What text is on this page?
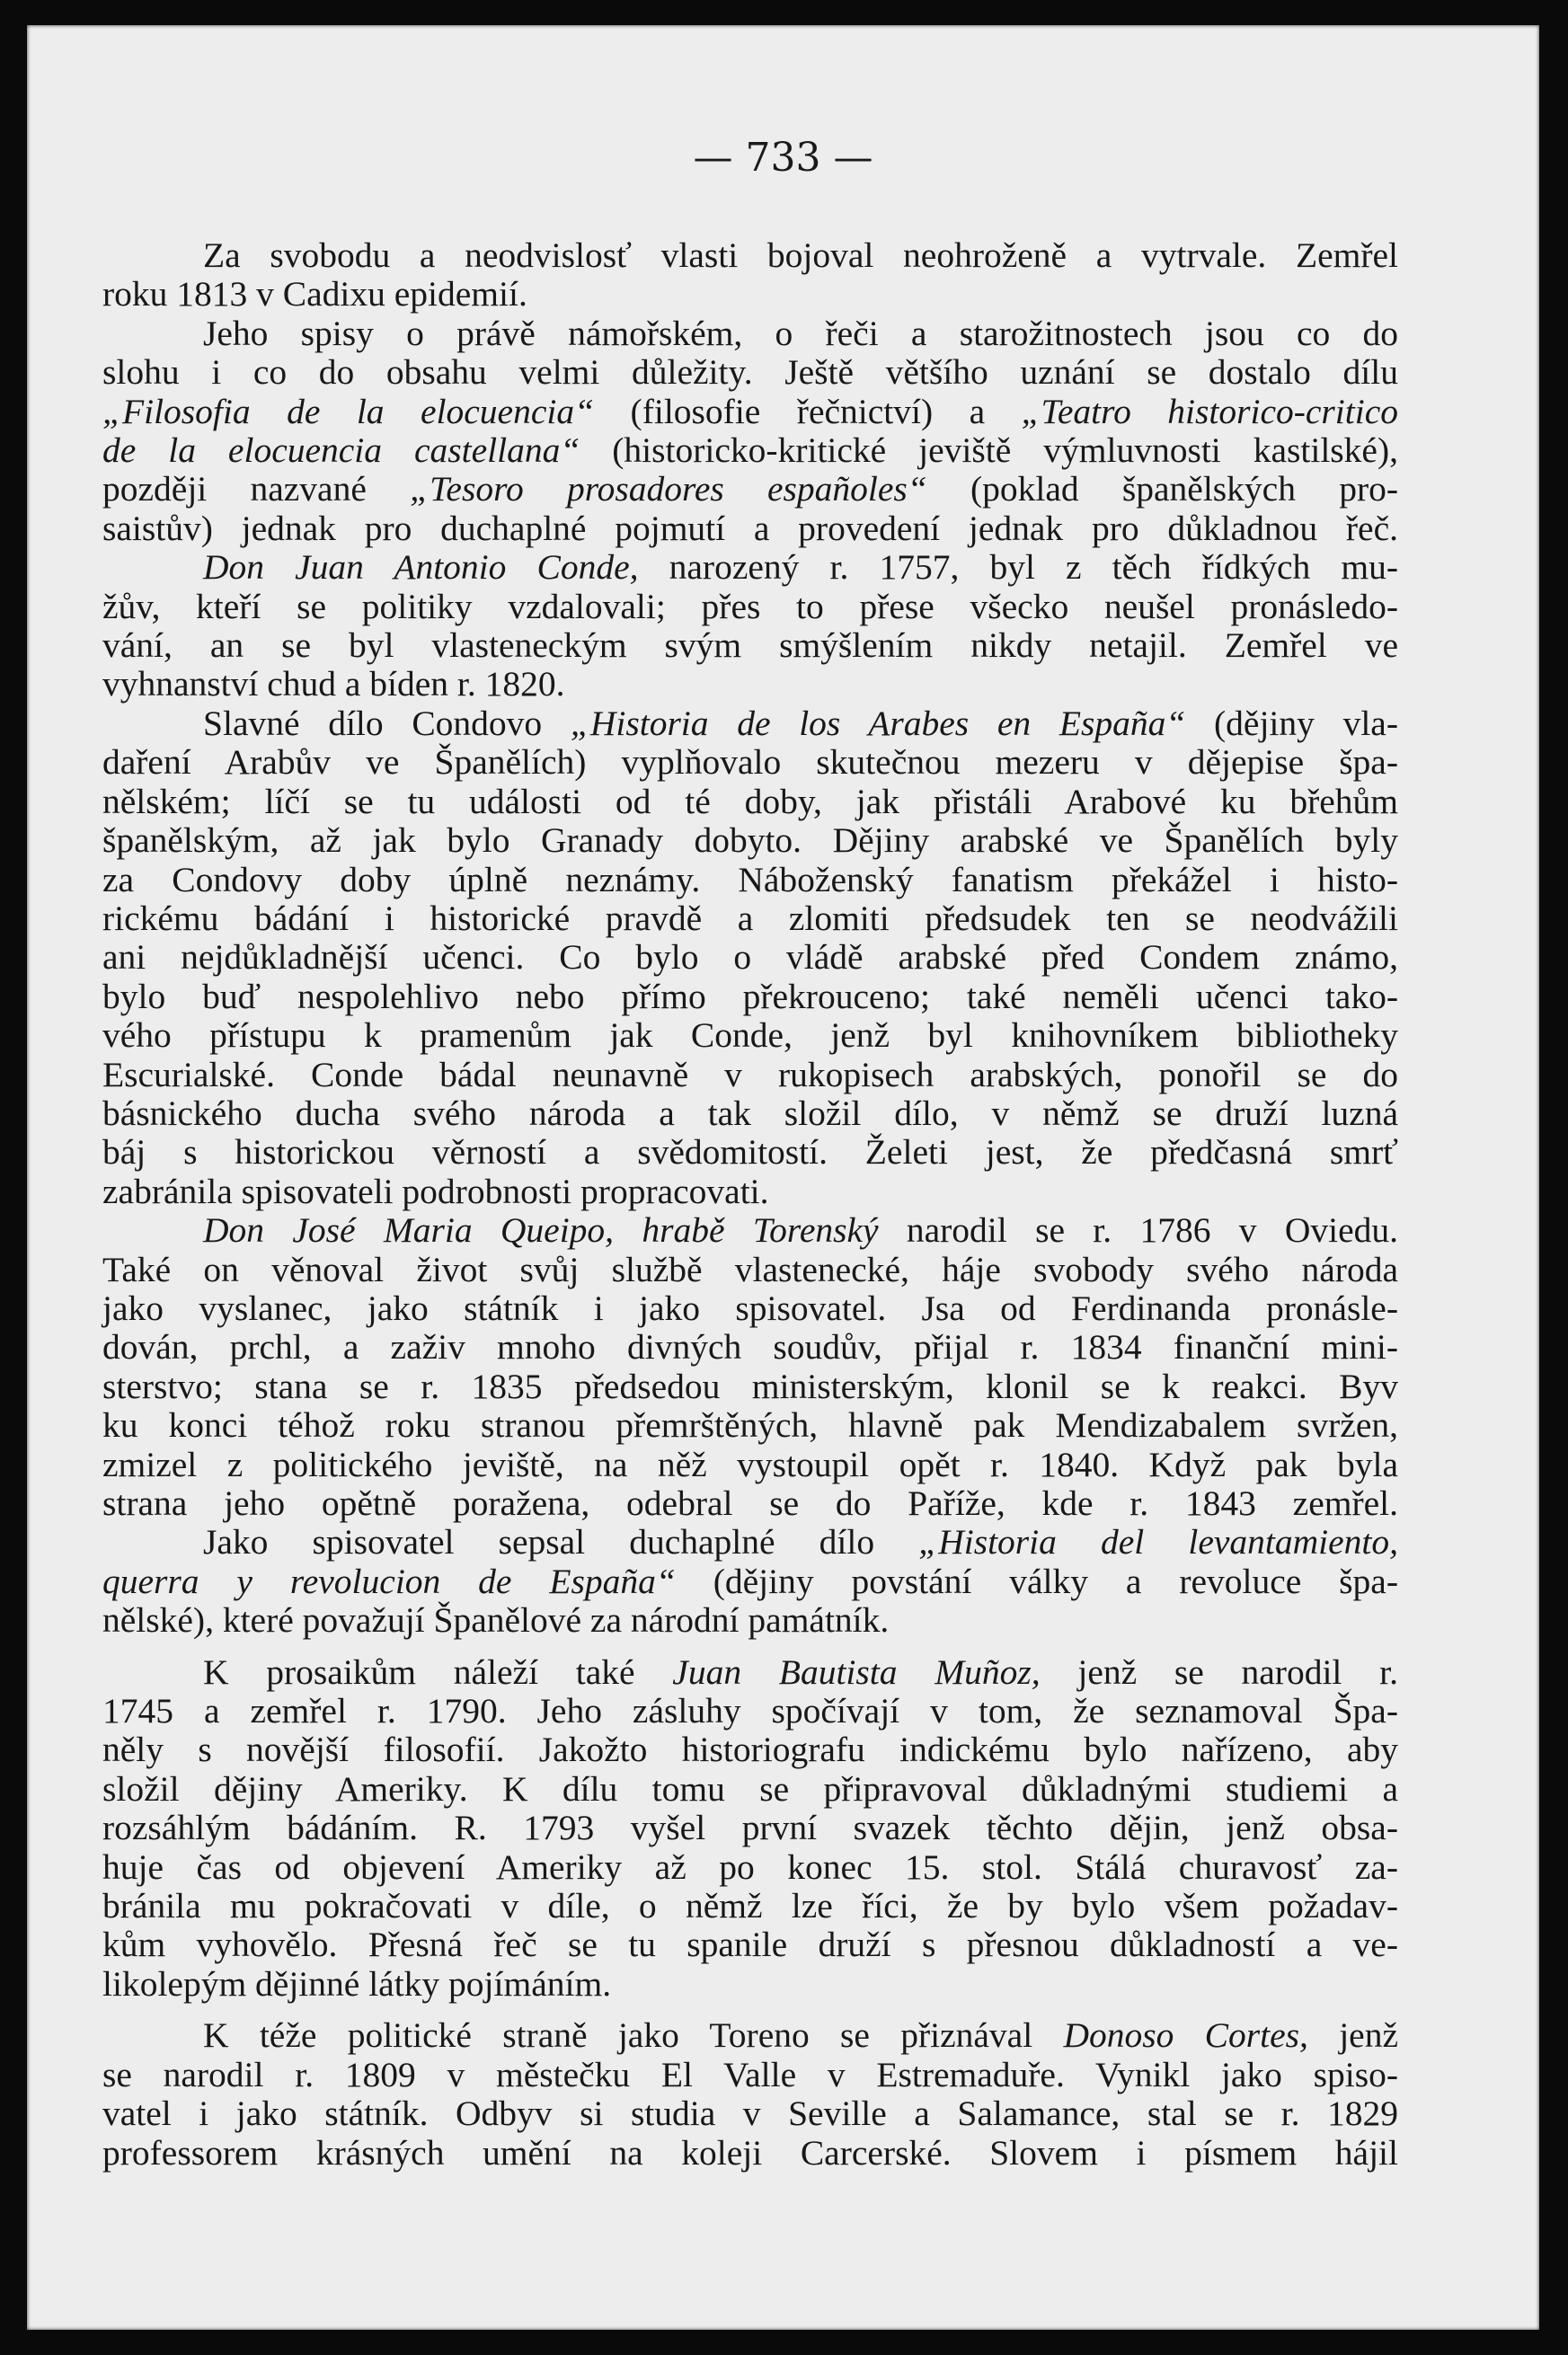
— 733 —
Za svobodu a neodvislosť vlasti bojoval neohroženě a vytrvale. Zemřel
roku 1813 v Cadixu epidemií.
Jeho spisy o právě námořském, o řeči a starožitnostech jsou co do
slohu i co do obsahu velmi důležity. Ještě většího uznání se dostalo dílu
„Filosofia de la elocuencia“ (filosofie řečnictví) a „Teatro historico-critico
de la elocuencia castellana“ (historicko-kritické jeviště výmluvnosti kastilské),
později nazvané „Tesoro prosadores españoles“ (poklad španělských pro-
saistův) jednak pro duchaplné pojmutí a provedení jednak pro důkladnou řeč.
Don Juan Antonio Conde, narozený r. 1757, byl z těch řídkých mu-
žův, kteří se politiky vzdalovali; přes to přese všecko neušel pronásledo-
vání, an se byl vlasteneckým svým smýšlením nikdy netajil. Zemřel ve
vyhnanství chud a bíden r. 1820.
Slavné dílo Condovo „Historia de los Arabes en España“ (dějiny vla-
daření Arabův ve Španělích) vyplňovalo skutečnou mezeru v dějepise špa-
nělském; líčí se tu události od té doby, jak přistáli Arabové ku břehům
španělským, až jak bylo Granady dobyto. Dějiny arabské ve Španělích byly
za Condovy doby úplně neznámy. Náboženský fanatism překážel i histo-
rickému bádání i historické pravdě a zlomiti předsudek ten se neodvážili
ani nejdůkladnější učenci. Co bylo o vládě arabské před Condem známo,
bylo buď nespolehlivo nebo přímo překrouceno; také neměli učenci tako-
vého přístupu k pramenům jak Conde, jenž byl knihovníkem bibliotheky
Escurialské. Conde bádal neunavně v rukopisech arabských, ponořil se do
básnického ducha svého národa a tak složil dílo, v němž se druží luzná
báj s historickou věrností a svědomitostí. Želeti jest, že předčasná smrť
zabránila spisovateli podrobnosti propracovati.
Don José Maria Queipo, hrabě Torenský narodil se r. 1786 v Oviedu.
Také on věnoval život svůj službě vlastenecké, háje svobody svého národa
jako vyslanec, jako státník i jako spisovatel. Jsa od Ferdinanda pronásle-
dován, prchl, a zaživ mnoho divných soudův, přijal r. 1834 finanční mini-
sterstvo; stana se r. 1835 předsedou ministerským, klonil se k reakci. Byv
ku konci téhož roku stranou přemrštěných, hlavně pak Mendizabalem svržen,
zmizel z politického jeviště, na něž vystoupil opět r. 1840. Když pak byla
strana jeho opětně poražena, odebral se do Paříže, kde r. 1843 zemřel.
Jako spisovatel sepsal duchaplné dílo „Historia del levantamiento,
querra y revolucion de España“ (dějiny povstání války a revoluce špa-
nělské), které považují Španělové za národní památník.
K prosaikům náleží také Juan Bautista Muñoz, jenž se narodil r.
1745 a zemřel r. 1790. Jeho zásluhy spočívají v tom, že seznamoval Špa-
něly s novější filosofií. Jakožto historiografu indickému bylo nařízeno, aby
složil dějiny Ameriky. K dílu tomu se připravoval důkladnými studiemi a
rozsáhlým bádáním. R. 1793 vyšel první svazek těchto dějin, jenž obsa-
huje čas od objevení Ameriky až po konec 15. stol. Stálá churavosť za-
bránila mu pokračovati v díle, o němž lze říci, že by bylo všem požadav-
kům vyhovělo. Přesná řeč se tu spanile druží s přesnou důkladností a ve-
likolepým dějinné látky pojímáním.
K téže politické straně jako Toreno se přiznával Donoso Cortes, jenž
se narodil r. 1809 v městečku El Valle v Estremaduře. Vynikl jako spiso-
vatel i jako státník. Odbyv si studia v Seville a Salamance, stal se r. 1829
professorem krásných umění na koleji Carcerské. Slovem i písmem hájil
